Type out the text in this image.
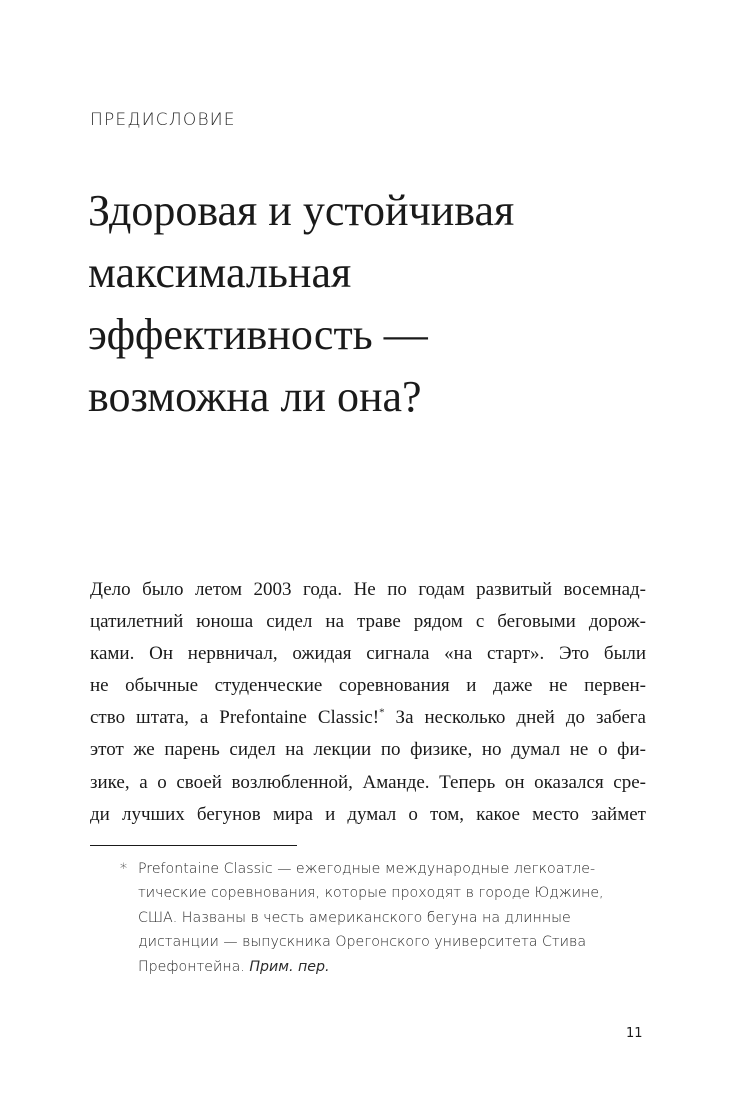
ПРЕДИСЛОВИЕ
Здоровая и устойчивая
максимальная
эффективность —
возможна ли она?
Дело было летом 2003 года. Не по годам развитый восемнад-
цатилетний юноша сидел на траве рядом с беговыми дорож-
ками. Он нервничал, ожидая сигнала «на старт». Это были
не обычные студенческие соревнования и даже не первен-
ство штата, а Prefontaine Classic!* За несколько дней до забега
этот же парень сидел на лекции по физике, но думал не о фи-
зике, а о своей возлюбленной, Аманде. Теперь он оказался сре-
ди лучших бегунов мира и думал о том, какое место займет
* Prefontaine Classic — ежегодные международные легкоатле-
тические соревнования, которые проходят в городе Юджине,
США. Названы в честь американского бегуна на длинные
дистанции — выпускника Орегонского университета Стива
Префонтейна. Прим. пер.
11
